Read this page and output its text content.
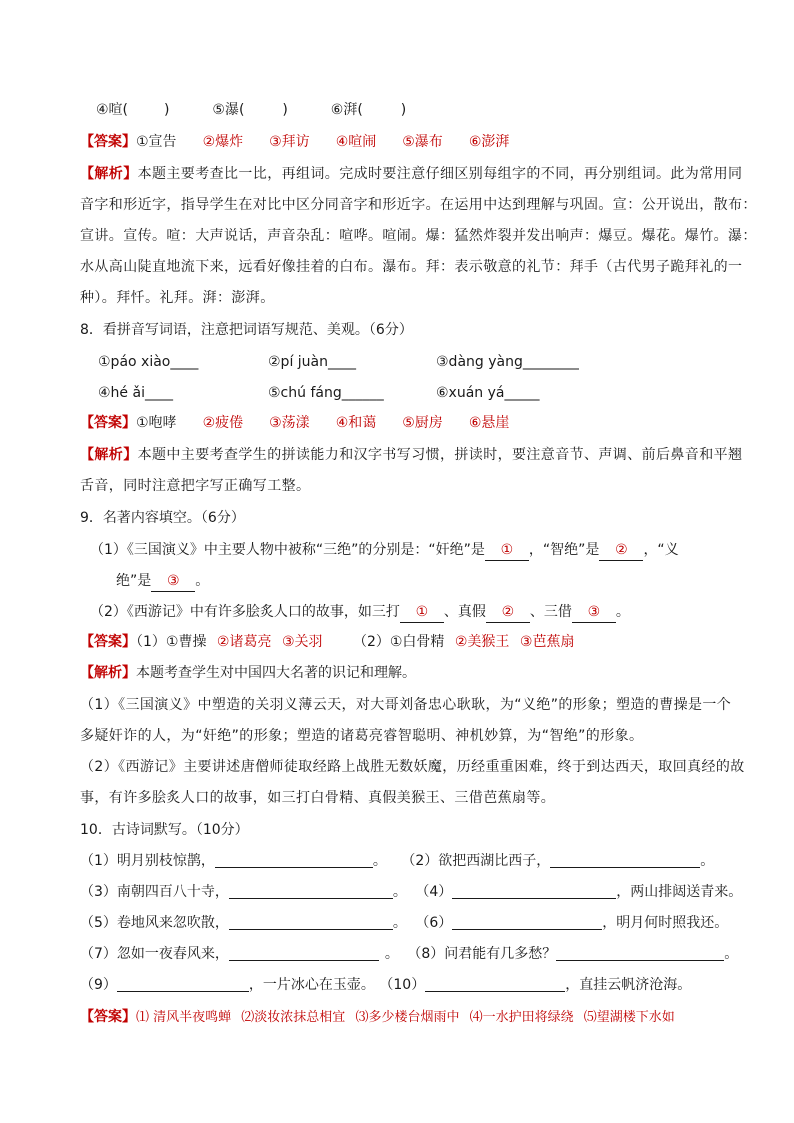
④喧(	)	⑤瀑(	)	⑥湃(	)
【答案】①宣告 ②爆炸 ③拜访 ④喧闹 ⑤瀑布 ⑥澎湃
【解析】本题主要考查比一比，再组词。完成时要注意仔细区别每组字的不同，再分别组词。此为常用同
音字和形近字，指导学生在对比中区分同音字和形近字。在运用中达到理解与巩固。宣：公开说出，散布：
宣讲。宣传。喧：大声说话，声音杂乱：喧哗。喧闹。爆：猛然炸裂并发出响声：爆豆。爆花。爆竹。瀑：
水从高山陡直地流下来，远看好像挂着的白布。瀑布。拜：表示敬意的礼节：拜手（古代男子跪拜礼的一
种）。拜忏。礼拜。湃：澎湃。
8．看拼音写词语，注意把词语写规范、美观。（6分）
①páo xiào____	②pí juàn____	③dàng yàng________
④hé ǎi____	⑤chú fáng______	⑥xuán yá_____
【答案】①咆哮 ②疲倦 ③荡漾 ④和蔼 ⑤厨房 ⑥悬崖
【解析】本题中主要考查学生的拼读能力和汉字书写习惯，拼读时，要注意音节、声调、前后鼻音和平翘
舌音，同时注意把字写正确写工整。
9．名著内容填空。（6分）
（1）《三国演义》中主要人物中被称“三绝”的分别是：“奸绝”是 ① ，“智绝”是 ② ，“义
绝”是 ③ 。
（2）《西游记》中有许多脍炙人口的故事，如三打 ① 、真假 ② 、三借 ③ 。
【答案】（1）①曹操 ②诸葛亮 ③关羽 （2）①白骨精 ②美猴王 ③芭蕉扇
【解析】本题考查学生对中国四大名著的识记和理解。
（1）《三国演义》中塑造的关羽义薄云天，对大哥刘备忠心耿耿，为“义绝”的形象；塑造的曹操是一个
多疑奸诈的人，为“奸绝”的形象；塑造的诸葛亮睿智聪明、神机妙算，为“智绝”的形象。
（2）《西游记》主要讲述唐僧师徒取经路上战胜无数妖魔，历经重重困难，终于到达西天，取回真经的故
事，有许多脍炙人口的故事，如三打白骨精、真假美猴王、三借芭蕉扇等。
10．古诗词默写。（10分）
（1）明月别枝惊鹊，	。 （2）欲把西湖比西子，	。
（3）南朝四百八十寺，	。 （4）	，两山排闼送青来。
（5）卷地风来忽吹散，	。 （6）	，明月何时照我还。
（7）忽如一夜春风来，	。 （8）问君能有几多愁？	。
（9）	，一片冰心在玉壶。 （10）	，直挂云帆济沧海。
【答案】⑴ 清风半夜鸣蝉 ⑵淡妆浓抹总相宜 ⑶多少楼台烟雨中 ⑷一水护田将绿绕 ⑸望湖楼下水如
